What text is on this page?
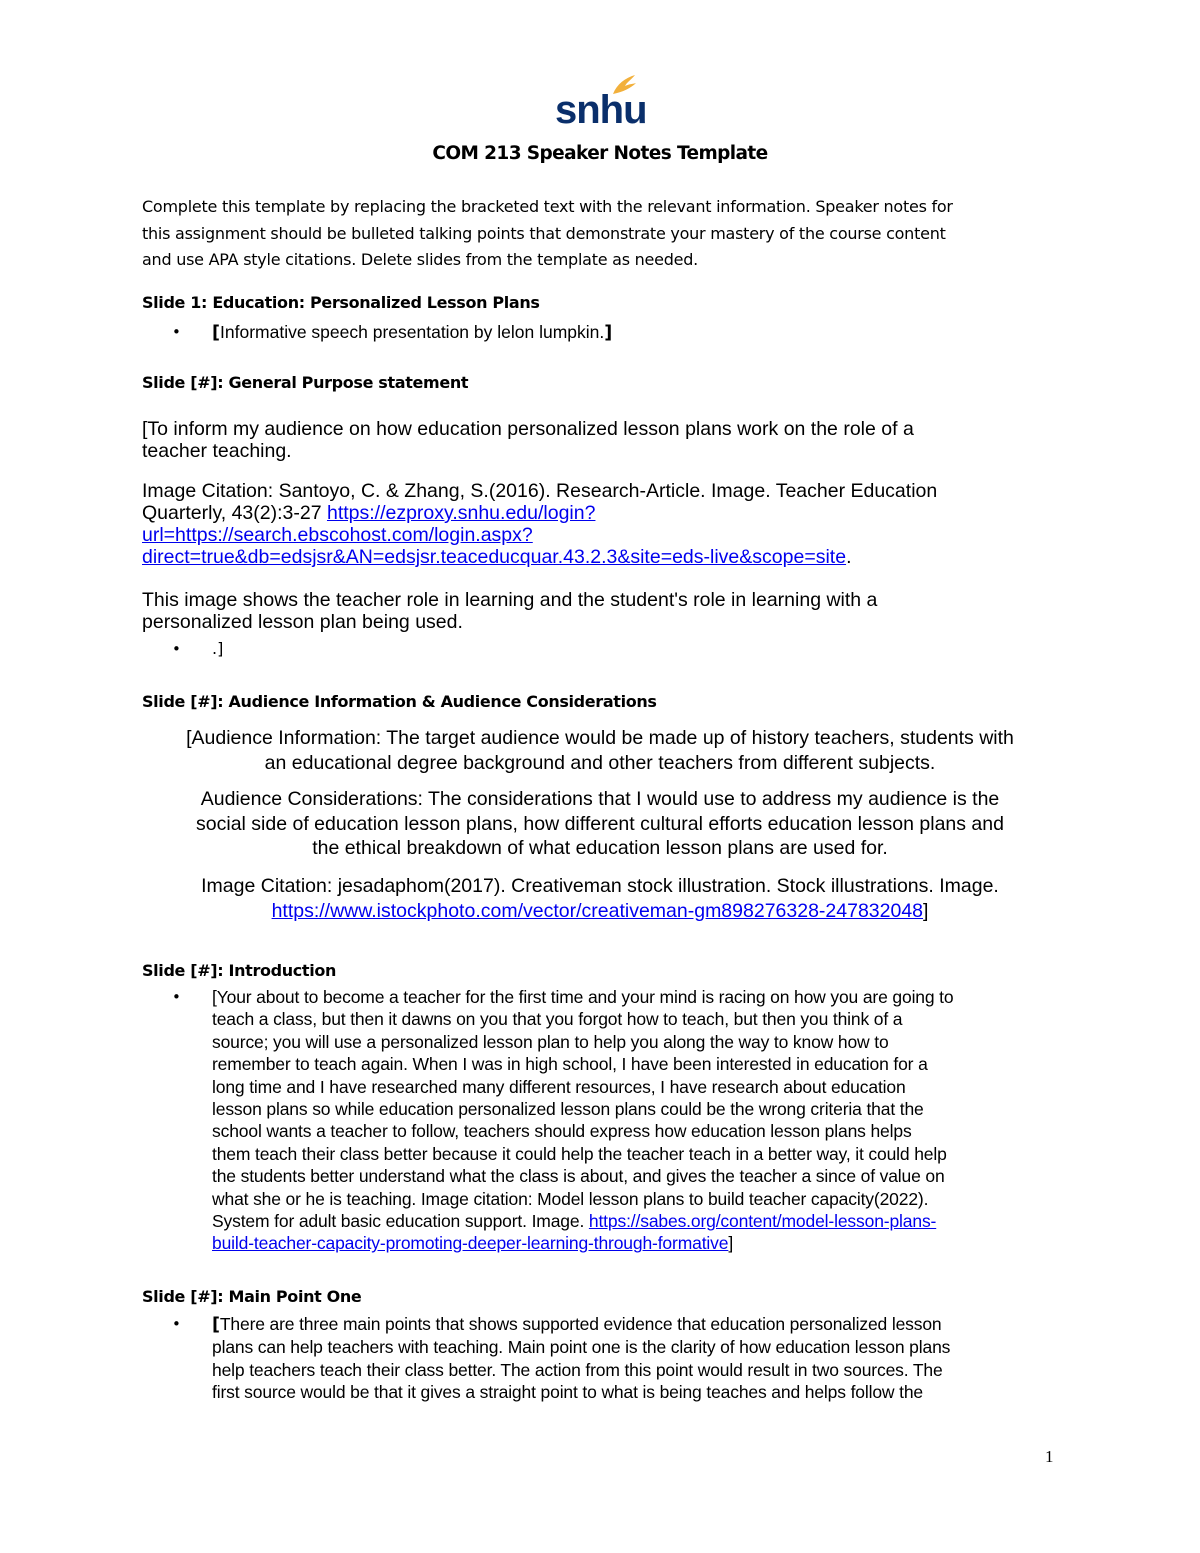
snhu
COM 213 Speaker Notes Template
Complete this template by replacing the bracketed text with the relevant information. Speaker notes for
this assignment should be bulleted talking points that demonstrate your mastery of the course content
and use APA style citations. Delete slides from the template as needed.
Slide 1: Education: Personalized Lesson Plans
•	[Informative speech presentation by lelon lumpkin.]
Slide [#]: General Purpose statement
[To inform my audience on how education personalized lesson plans work on the role of a
teacher teaching.
Image Citation: Santoyo, C. & Zhang, S.(2016). Research-Article. Image. Teacher Education
Quarterly, 43(2):3-27 https://ezproxy.snhu.edu/login?
url=https://search.ebscohost.com/login.aspx?
direct=true&db=edsjsr&AN=edsjsr.teaceducquar.43.2.3&site=eds-live&scope=site.
This image shows the teacher role in learning and the student's role in learning with a
personalized lesson plan being used.
•	.]
Slide [#]: Audience Information & Audience Considerations
[Audience Information: The target audience would be made up of history teachers, students with
an educational degree background and other teachers from different subjects.
Audience Considerations: The considerations that I would use to address my audience is the
social side of education lesson plans, how different cultural efforts education lesson plans and
the ethical breakdown of what education lesson plans are used for.
Image Citation: jesadaphom(2017). Creativeman stock illustration. Stock illustrations. Image.
https://www.istockphoto.com/vector/creativeman-gm898276328-247832048]
Slide [#]: Introduction
•	[Your about to become a teacher for the first time and your mind is racing on how you are going to
teach a class, but then it dawns on you that you forgot how to teach, but then you think of a
source; you will use a personalized lesson plan to help you along the way to know how to
remember to teach again. When I was in high school, I have been interested in education for a
long time and I have researched many different resources, I have research about education
lesson plans so while education personalized lesson plans could be the wrong criteria that the
school wants a teacher to follow, teachers should express how education lesson plans helps
them teach their class better because it could help the teacher teach in a better way, it could help
the students better understand what the class is about, and gives the teacher a since of value on
what she or he is teaching. Image citation: Model lesson plans to build teacher capacity(2022).
System for adult basic education support. Image. https://sabes.org/content/model-lesson-plans-
build-teacher-capacity-promoting-deeper-learning-through-formative]
Slide [#]: Main Point One
•	[There are three main points that shows supported evidence that education personalized lesson
plans can help teachers with teaching. Main point one is the clarity of how education lesson plans
help teachers teach their class better. The action from this point would result in two sources. The
first source would be that it gives a straight point to what is being teaches and helps follow the
1
